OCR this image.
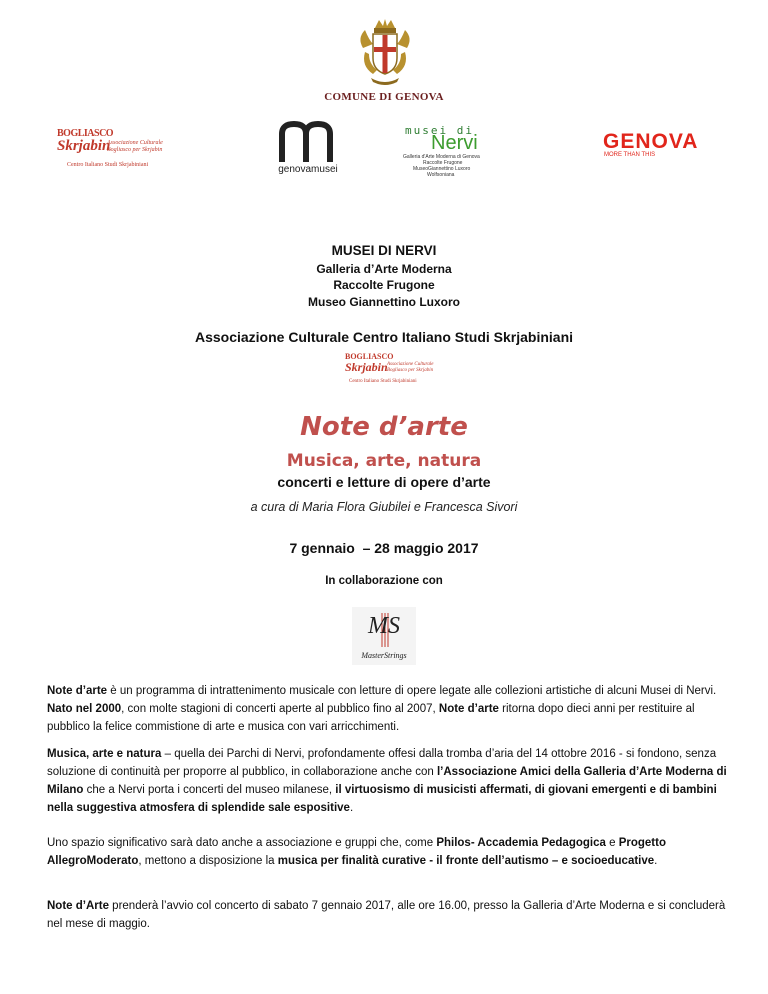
COMUNE DI GENOVA
BOGLIASCO
Skrjabin
Associazione Culturale
Bogliasco per Skrjabin
Centro Italiano Studi Skrjabiniani	genovamusei
musei di
Nervi
Galleria d'Arte Moderna di Genova
Raccolte Frugone
MuseoGiannettino Luxoro
Wolfsoniana
GENOVA
MORE THAN THIS
MUSEI DI NERVI
Galleria d’Arte Moderna
Raccolte Frugone
Museo Giannettino Luxoro
Associazione Culturale Centro Italiano Studi Skrjabiniani
BOGLIASCO
Skrjabin Associazione Culturale
Bogliasco per Skrjabin
Centro Italiano Studi Skrjabiniani
Note d’arte
Musica, arte, natura
concerti e letture di opere d’arte
a cura di Maria Flora Giubilei e Francesca Sivori
7 gennaio  – 28 maggio 2017
In collaborazione con
MS
MasterStrings
Note d’arte è un programma di intrattenimento musicale con letture di opere legate alle collezioni artistiche di alcuni Musei di Nervi. Nato nel 2000, con molte stagioni di concerti aperte al pubblico fino al 2007, Note d’arte ritorna dopo dieci anni per restituire al pubblico la felice commistione di arte e musica con vari arricchimenti.
Musica, arte e natura – quella dei Parchi di Nervi, profondamente offesi dalla tromba d’aria del 14 ottobre 2016 - si fondono, senza soluzione di continuità per proporre al pubblico, in collaborazione anche con l’Associazione Amici della Galleria d’Arte Moderna di Milano che a Nervi porta i concerti del museo milanese, il virtuosismo di musicisti affermati, di giovani emergenti e di bambini nella suggestiva atmosfera di splendide sale espositive.
Uno spazio significativo sarà dato anche a associazione e gruppi che, come Philos- Accademia Pedagogica e Progetto AllegroModerato, mettono a disposizione la musica per finalità curative - il fronte dell’autismo – e socioeducative.
Note d’Arte prenderà l’avvio col concerto di sabato 7 gennaio 2017, alle ore 16.00, presso la Galleria d’Arte Moderna e si concluderà nel mese di maggio.
